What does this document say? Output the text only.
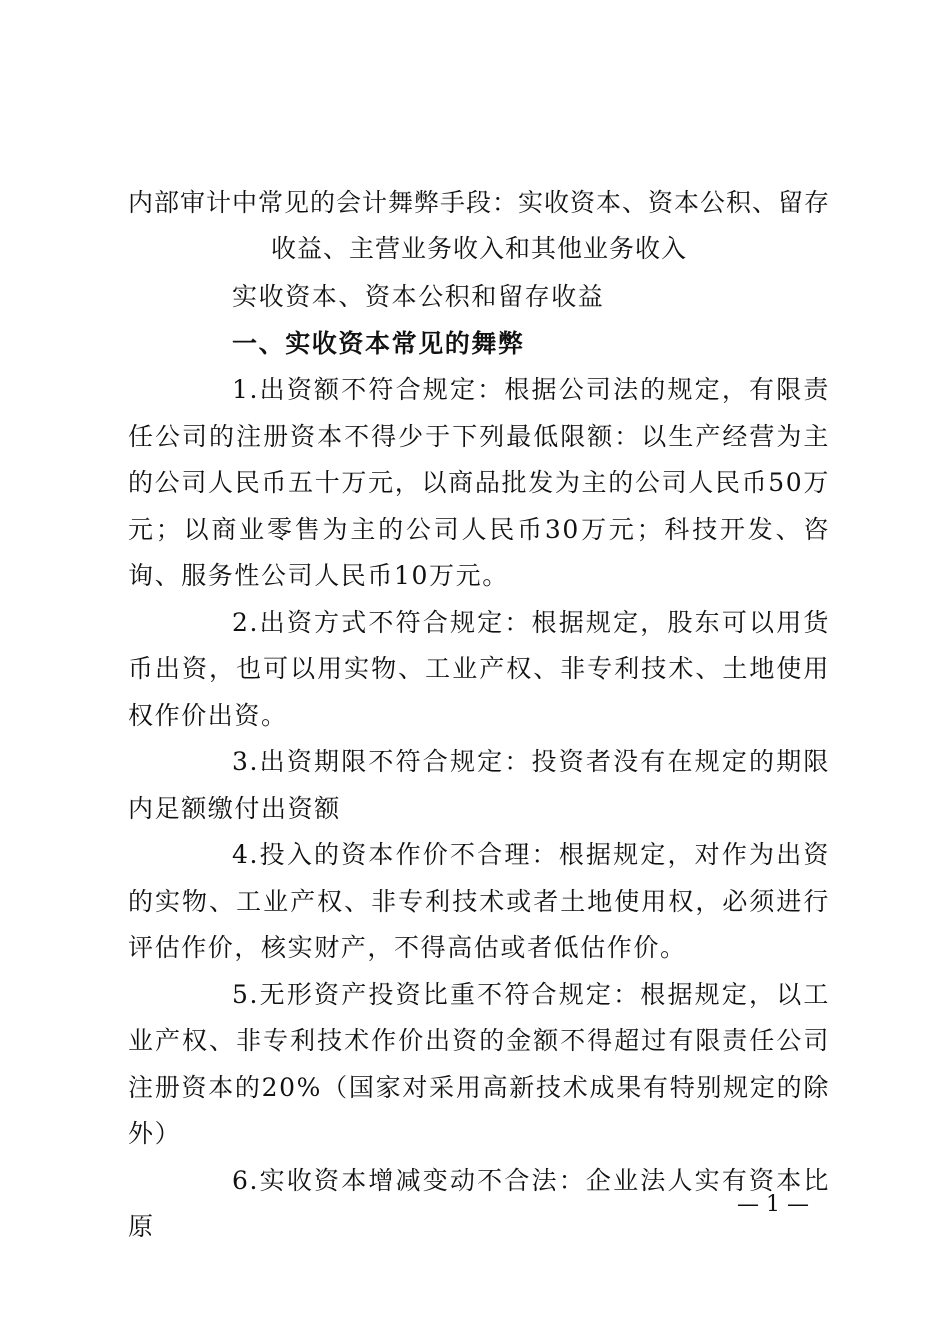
内部审计中常见的会计舞弊手段：实收资本、资本公积、留存
收益、主营业务收入和其他业务收入

实收资本、资本公积和留存收益

一、实收资本常见的舞弊

1.出资额不符合规定：根据公司法的规定，有限责任公司的注册资本不得少于下列最低限额：以生产经营为主的公司人民币五十万元，以商品批发为主的公司人民币50万元；以商业零售为主的公司人民币30万元；科技开发、咨询、服务性公司人民币10万元。

2.出资方式不符合规定：根据规定，股东可以用货币出资，也可以用实物、工业产权、非专利技术、土地使用权作价出资。

3.出资期限不符合规定：投资者没有在规定的期限内足额缴付出资额

4.投入的资本作价不合理：根据规定，对作为出资的实物、工业产权、非专利技术或者土地使用权，必须进行评估作价，核实财产，不得高估或者低估作价。

5.无形资产投资比重不符合规定：根据规定，以工业产权、非专利技术作价出资的金额不得超过有限责任公司注册资本的20%（国家对采用高新技术成果有特别规定的除外）

6.实收资本增减变动不合法：企业法人实有资本比原

— 1 —
